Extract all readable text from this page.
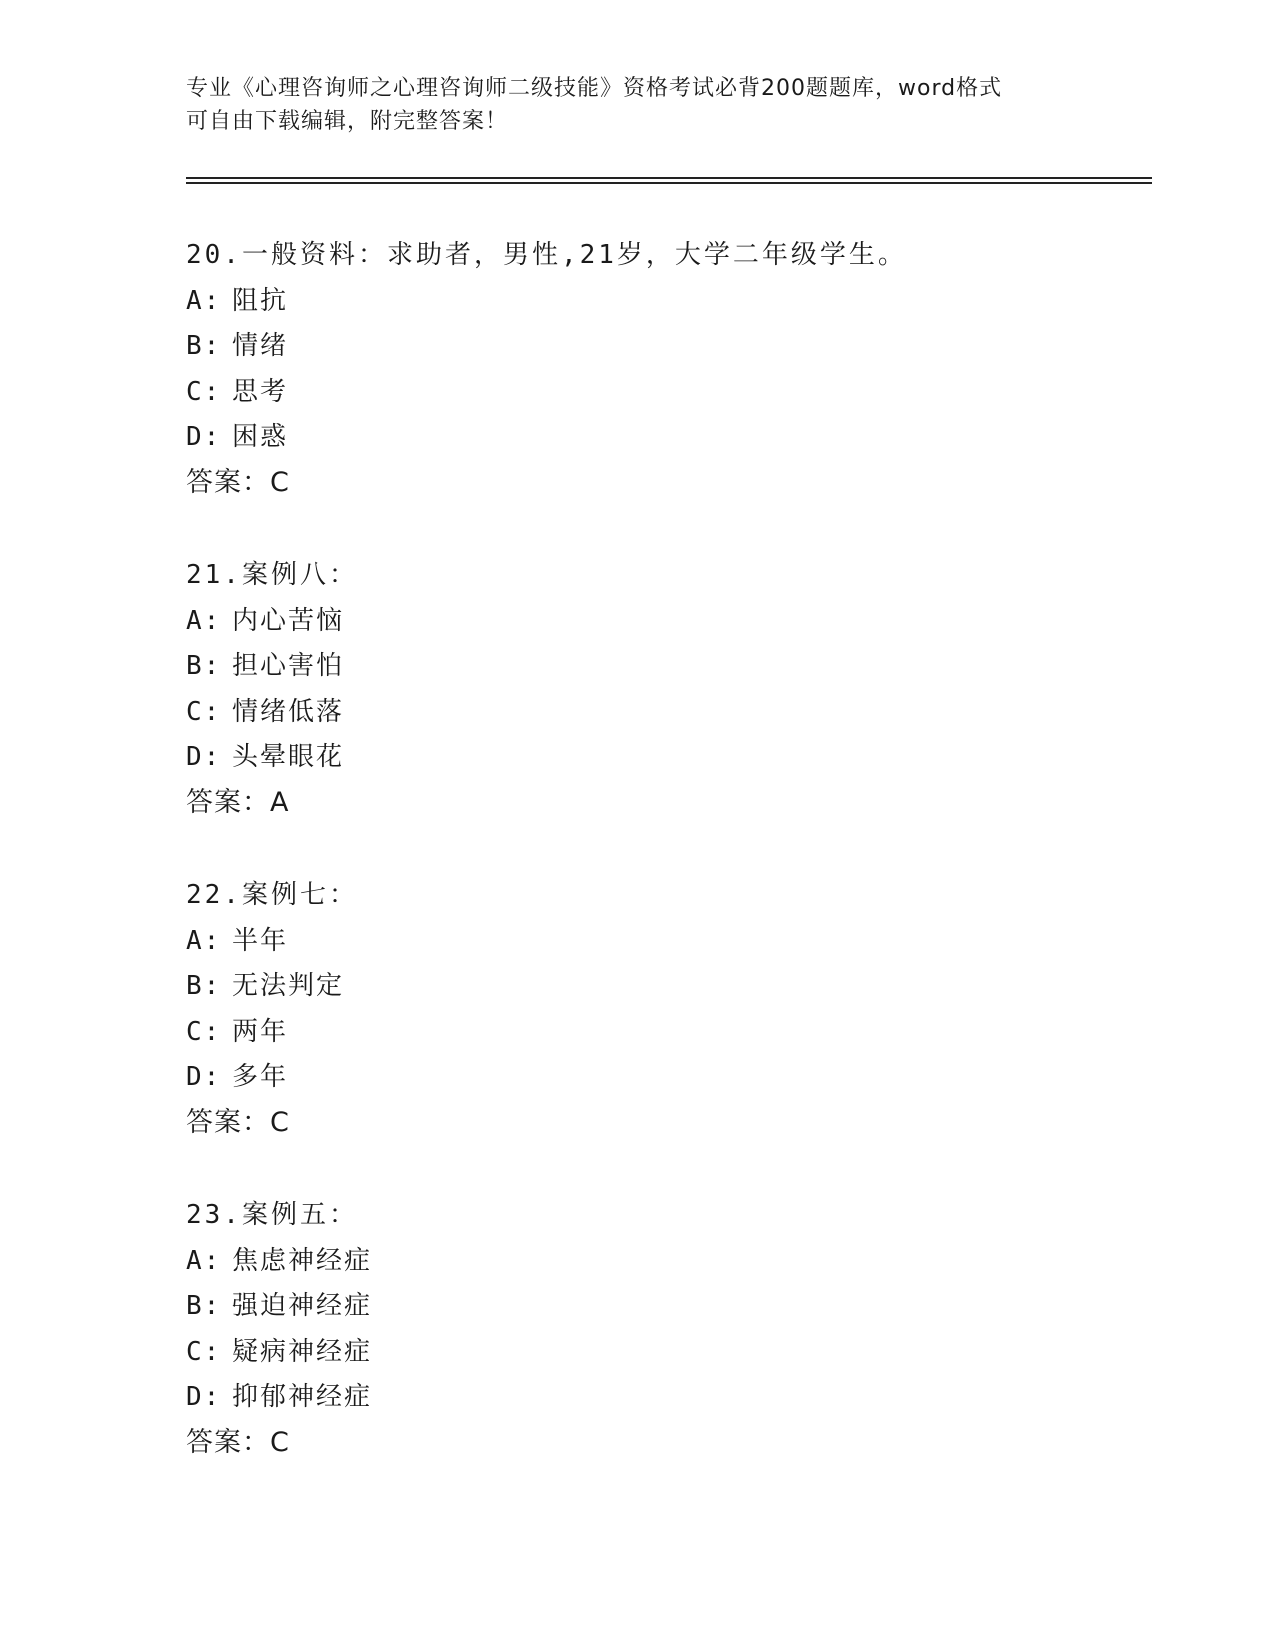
专业《心理咨询师之心理咨询师二级技能》资格考试必背200题题库，word格式
可自由下载编辑，附完整答案！
20.一般资料：求助者，男性,21岁，大学二年级学生。
A: 阻抗
B: 情绪
C: 思考
D: 困惑
答案：C
21.案例八：
A: 内心苦恼
B: 担心害怕
C: 情绪低落
D: 头晕眼花
答案：A
22.案例七：
A: 半年
B: 无法判定
C: 两年
D: 多年
答案：C
23.案例五：
A: 焦虑神经症
B: 强迫神经症
C: 疑病神经症
D: 抑郁神经症
答案：C
